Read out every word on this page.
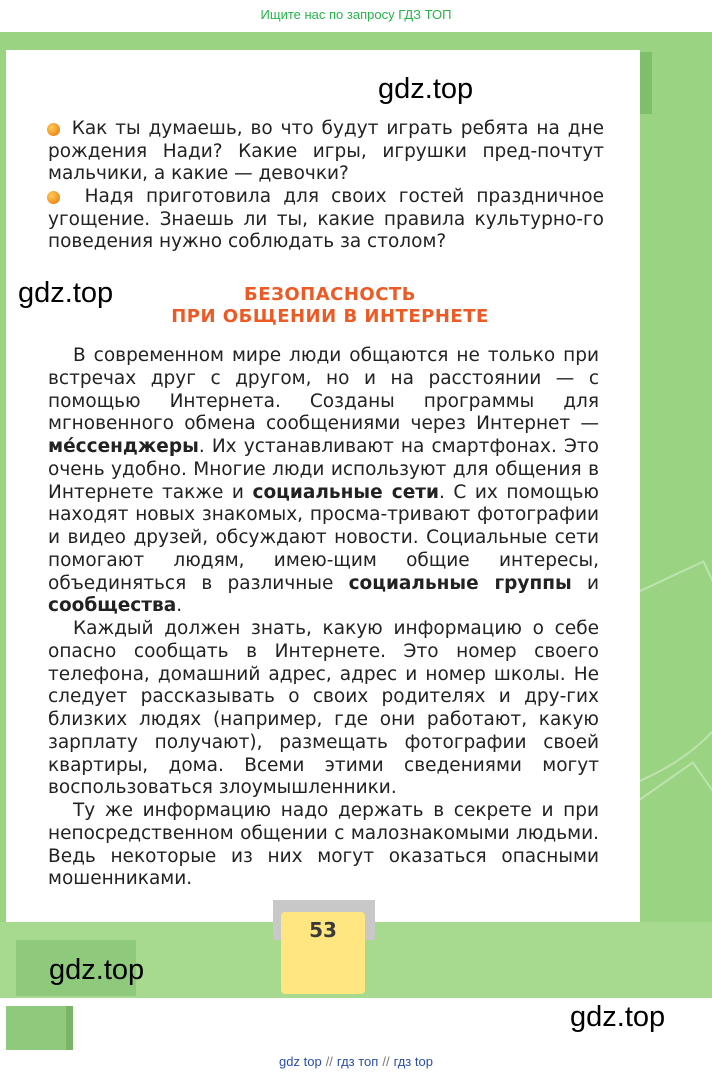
Ищите нас по запросу ГДЗ ТОП
53

Как ты думаешь, во что будут играть ребята на дне рождения Нади? Какие игры, игрушки пред-почтут мальчики, а какие — девочки?

Надя приготовила для своих гостей праздничное угощение. Знаешь ли ты, какие правила культурно-го поведения нужно соблюдать за столом?

БЕЗОПАСНОСТЬ
ПРИ ОБЩЕНИИ В ИНТЕРНЕТЕ

В современном мире люди общаются не только при встречах друг с другом, но и на расстоянии — с помощью Интернета. Созданы программы для мгновенного обмена сообщениями через Интернет — мéссенджеры. Их устанавливают на смартфонах. Это очень удобно. Многие люди используют для общения в Интернете также и социальные сети. С их помощью находят новых знакомых, просма-тривают фотографии и видео друзей, обсуждают новости. Социальные сети помогают людям, имею-щим общие интересы, объединяться в различные социальные группы и сообщества.

Каждый должен знать, какую информацию о себе опасно сообщать в Интернете. Это номер своего телефона, домашний адрес, адрес и номер школы. Не следует рассказывать о своих родителях и дру-гих близких людях (например, где они работают, какую зарплату получают), размещать фотографии своей квартиры, дома. Всеми этими сведениями могут воспользоваться злоумышленники.

Ту же информацию надо держать в секрете и при непосредственном общении с малознакомыми людьми. Ведь некоторые из них могут оказаться опасными мошенниками.

gdz.top
gdz.top
gdz.top
gdz.top
gdz top // гдз топ // гдз top
